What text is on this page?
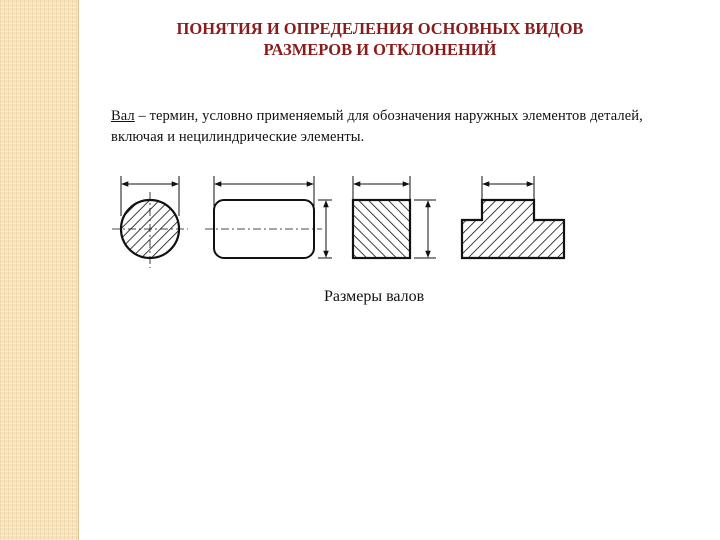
ПОНЯТИЯ И ОПРЕДЕЛЕНИЯ ОСНОВНЫХ ВИДОВ
РАЗМЕРОВ И ОТКЛОНЕНИЙ

Вал – термин, условно применяемый для обозначения наружных элементов деталей, включая и нецилиндрические элементы.

Размеры валов
